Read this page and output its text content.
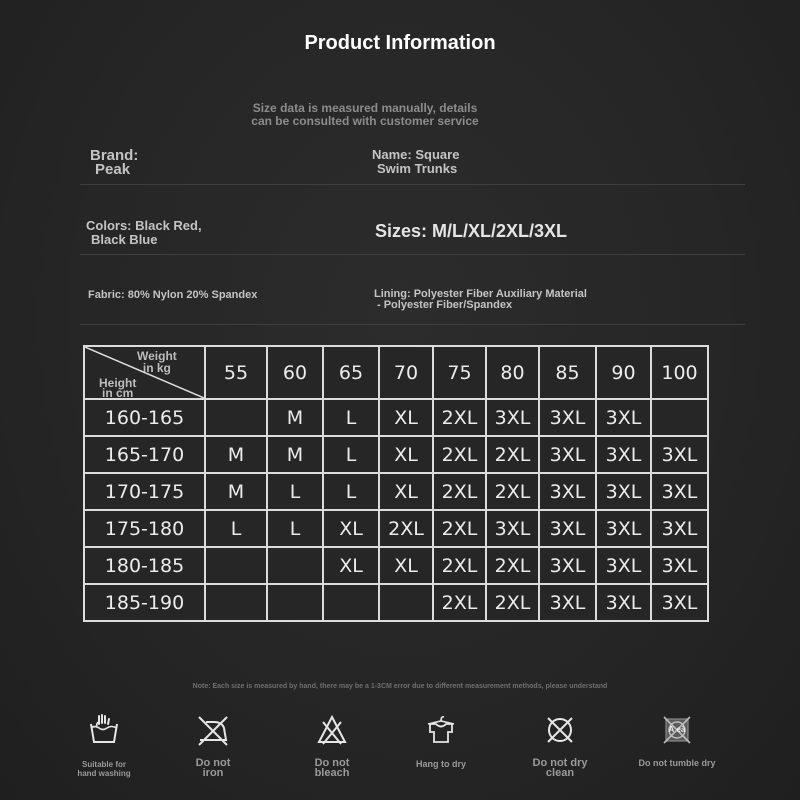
Product Information
Size data is measured manually, details
can be consulted with customer service
Brand:
Peak
Name: Square
Swim Trunks
Colors: Black Red,
Black Blue	Sizes: M/L/XL/2XL/3XL
Fabric: 80% Nylon 20% Spandex	Lining: Polyester Fiber Auxiliary Material
- Polyester Fiber/Spandex
Weight
in kg
Height
in cm	55	60	65	70	75	80	85	90	100
160-165		M	L	XL	2XL	3XL	3XL	3XL	
165-170	M	M	L	XL	2XL	2XL	3XL	3XL	3XL
170-175	M	L	L	XL	2XL	2XL	3XL	3XL	3XL
175-180	L	L	XL	2XL	2XL	3XL	3XL	3XL	3XL
180-185			XL	XL	2XL	2XL	3XL	3XL	3XL
185-190					2XL	2XL	3XL	3XL	3XL
Note: Each size is measured by hand, there may be a 1-3CM error due to different measurement methods, please understand
Suitable for
hand washing
Do not
iron
Do not
bleach
Hang to dry	Do not dry
clean
A eà
Do not tumble dry
